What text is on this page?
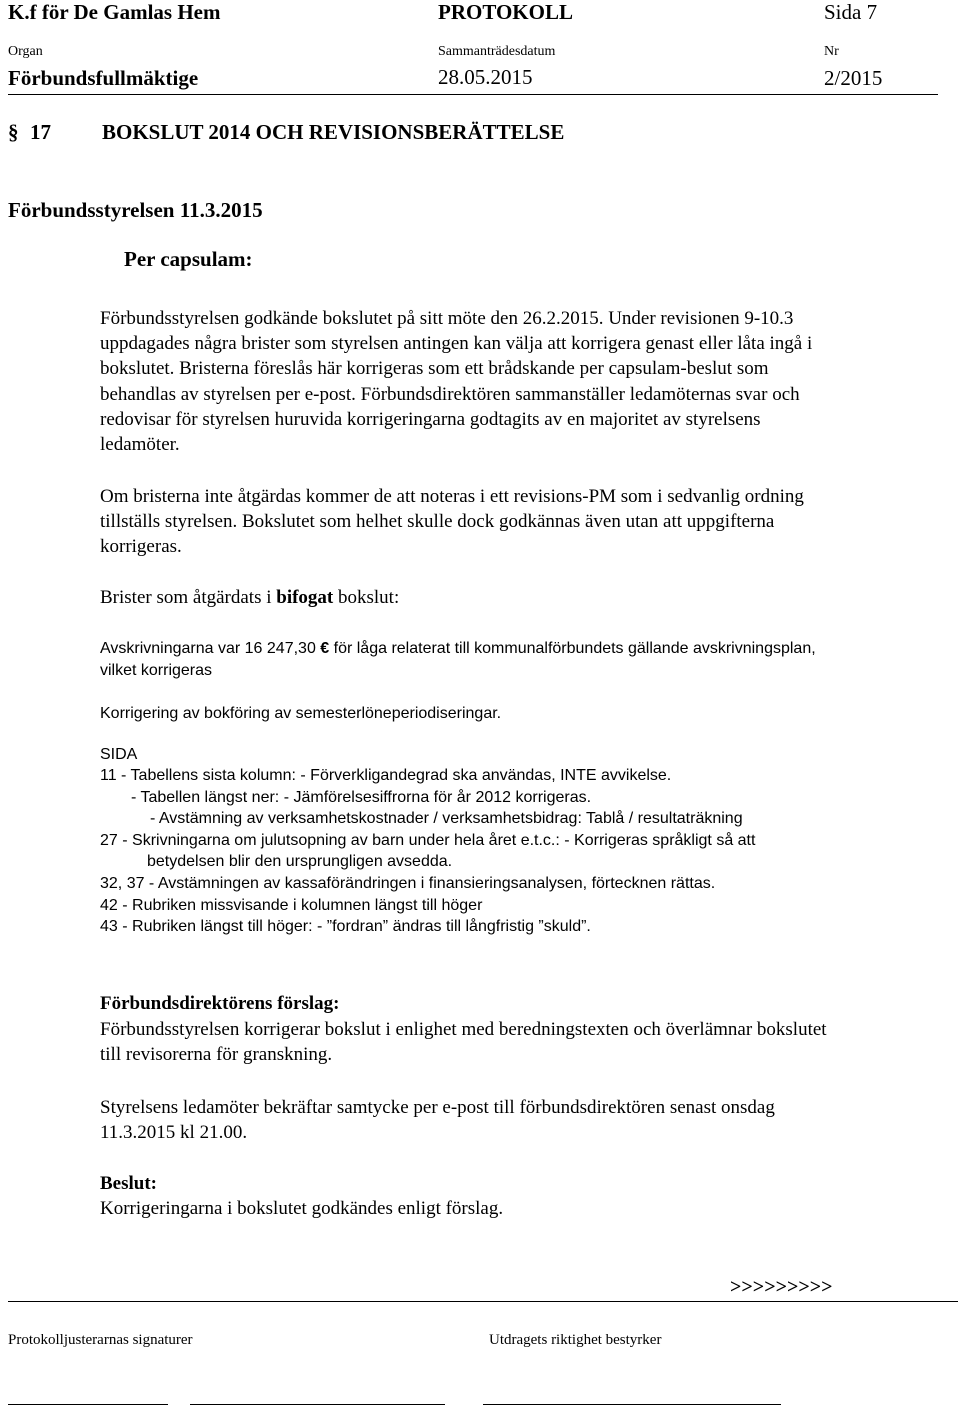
K.f för De Gamlas Hem	PROTOKOLL	Sida 7
Organ	Sammanträdesdatum	Nr
Förbundsfullmäktige	28.05.2015	2/2015
§ 17 BOKSLUT 2014 OCH REVISIONSBERÄTTELSE
Förbundsstyrelsen 11.3.2015
Per capsulam:
Förbundsstyrelsen godkände bokslutet på sitt möte den 26.2.2015. Under revisionen 9-10.3
uppdagades några brister som styrelsen antingen kan välja att korrigera genast eller låta ingå i
bokslutet. Bristerna föreslås här korrigeras som ett brådskande per capsulam-beslut som
behandlas av styrelsen per e-post. Förbundsdirektören sammanställer ledamöternas svar och
redovisar för styrelsen huruvida korrigeringarna godtagits av en majoritet av styrelsens
ledamöter.
Om bristerna inte åtgärdas kommer de att noteras i ett revisions-PM som i sedvanlig ordning
tillställs styrelsen. Bokslutet som helhet skulle dock godkännas även utan att uppgifterna
korrigeras.
Brister som åtgärdats i bifogat bokslut:
Avskrivningarna var 16 247,30 € för låga relaterat till kommunalförbundets gällande avskrivningsplan,
vilket korrigeras
Korrigering av bokföring av semesterlöneperiodiseringar.
SIDA
11 - Tabellens sista kolumn: - Förverkligandegrad ska användas, INTE avvikelse.
- Tabellen längst ner: - Jämförelsesiffrorna för år 2012 korrigeras.
- Avstämning av verksamhetskostnader / verksamhetsbidrag: Tablå / resultaträkning
27 - Skrivningarna om julutsopning av barn under hela året e.t.c.: - Korrigeras språkligt så att
betydelsen blir den ursprungligen avsedda.
32, 37 - Avstämningen av kassaförändringen i finansieringsanalysen, förtecknen rättas.
42 - Rubriken missvisande i kolumnen längst till höger
43 - Rubriken längst till höger: - ”fordran” ändras till långfristig ”skuld”.
Förbundsdirektörens förslag:
Förbundsstyrelsen korrigerar bokslut i enlighet med beredningstexten och överlämnar bokslutet
till revisorerna för granskning.
Styrelsens ledamöter bekräftar samtycke per e-post till förbundsdirektören senast onsdag
11.3.2015 kl 21.00.
Beslut:
Korrigeringarna i bokslutet godkändes enligt förslag.
>>>>>>>>>
Protokolljusterarnas signaturer	Utdragets riktighet bestyrker
